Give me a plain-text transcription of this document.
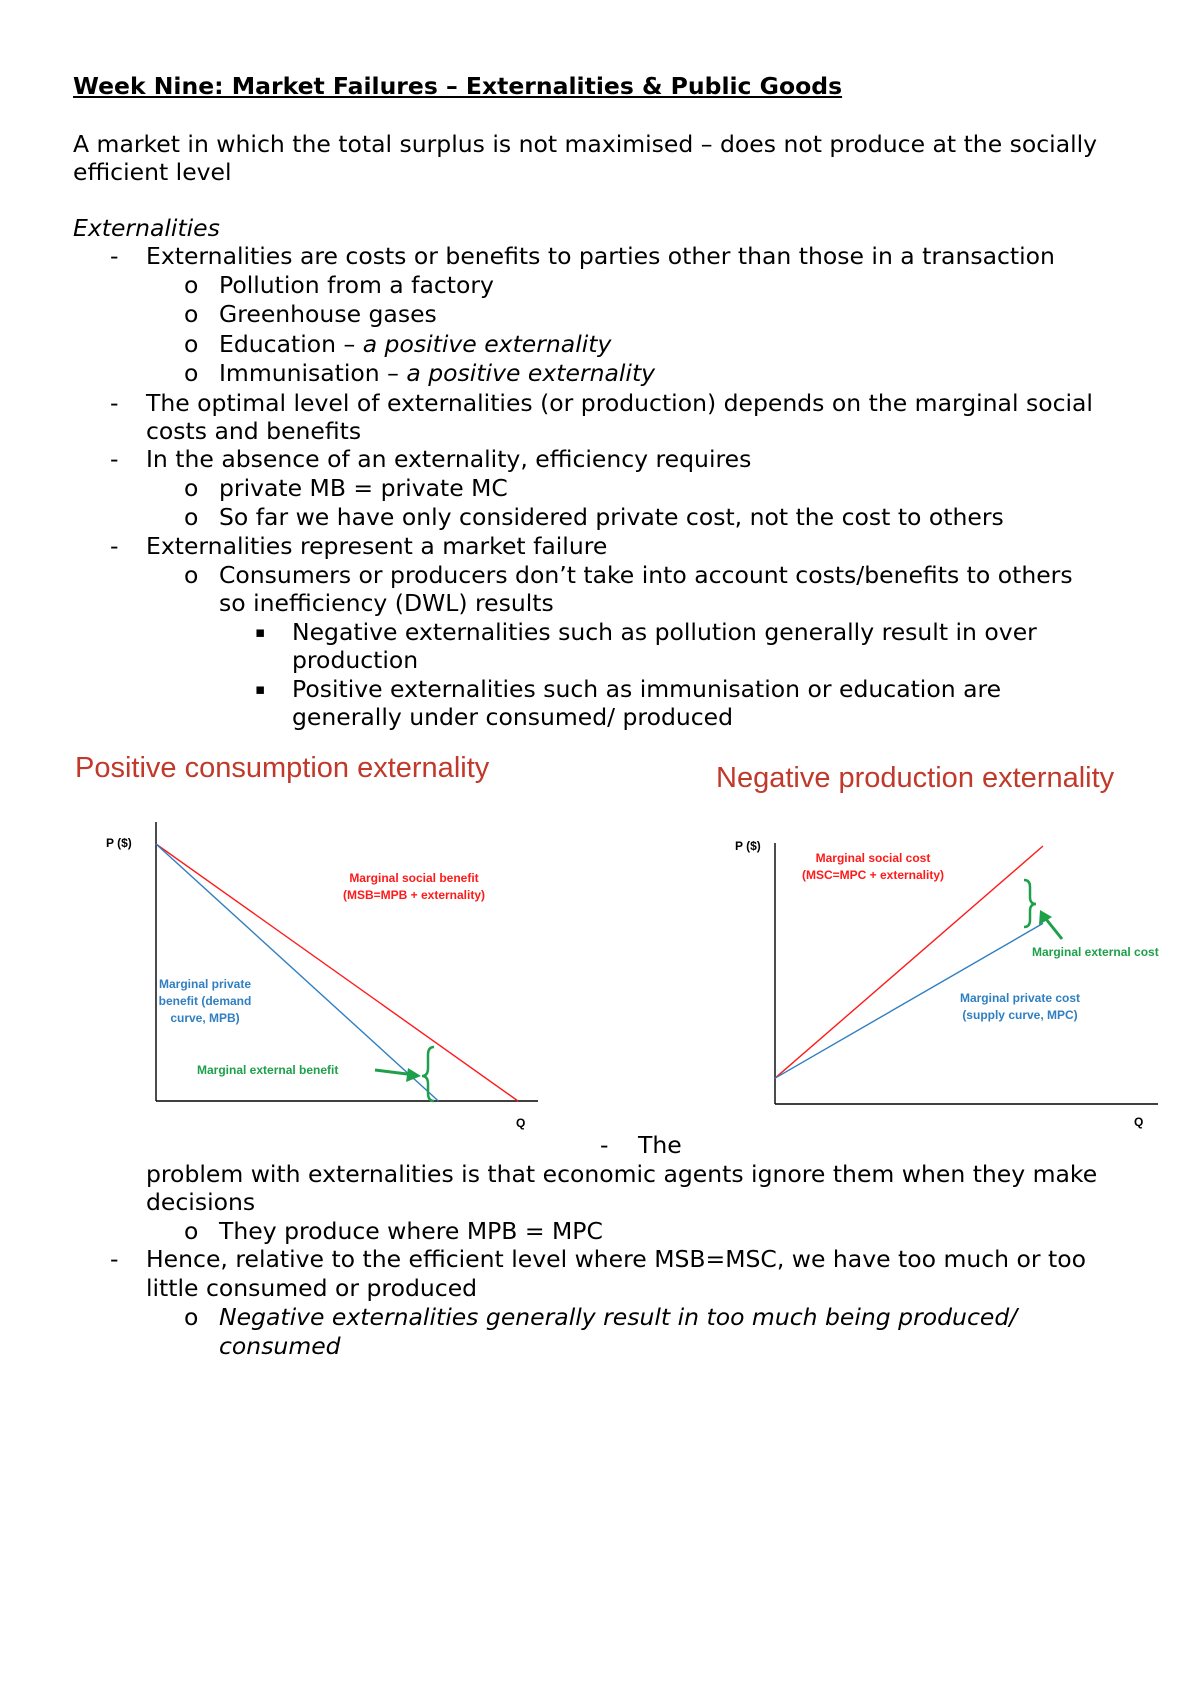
Week Nine: Market Failures – Externalities & Public Goods
A market in which the total surplus is not maximised – does not produce at the socially
efficient level
Externalities
- Externalities are costs or benefits to parties other than those in a transaction
o Pollution from a factory
o Greenhouse gases
o Education – a positive externality
o Immunisation – a positive externality
- The optimal level of externalities (or production) depends on the marginal social
costs and benefits
- In the absence of an externality, efficiency requires
o private MB = private MC
o So far we have only considered private cost, not the cost to others
- Externalities represent a market failure
o Consumers or producers don’t take into account costs/benefits to others
so inefficiency (DWL) results
▪ Negative externalities such as pollution generally result in over
production
▪ Positive externalities such as immunisation or education are
generally under consumed/ produced
Positive consumption externality	Negative production externality
P ($)
Q
Marginal social benefit
(MSB=MPB + externality)
Marginal private
benefit (demand
curve, MPB)
Marginal external benefit
P ($)
Q
Marginal social cost
(MSC=MPC + externality)
Marginal private cost
(supply curve, MPC)
Marginal external cost
- The
problem with externalities is that economic agents ignore them when they make
decisions
o They produce where MPB = MPC
- Hence, relative to the efficient level where MSB=MSC, we have too much or too
little consumed or produced
o Negative externalities generally result in too much being produced/
consumed
